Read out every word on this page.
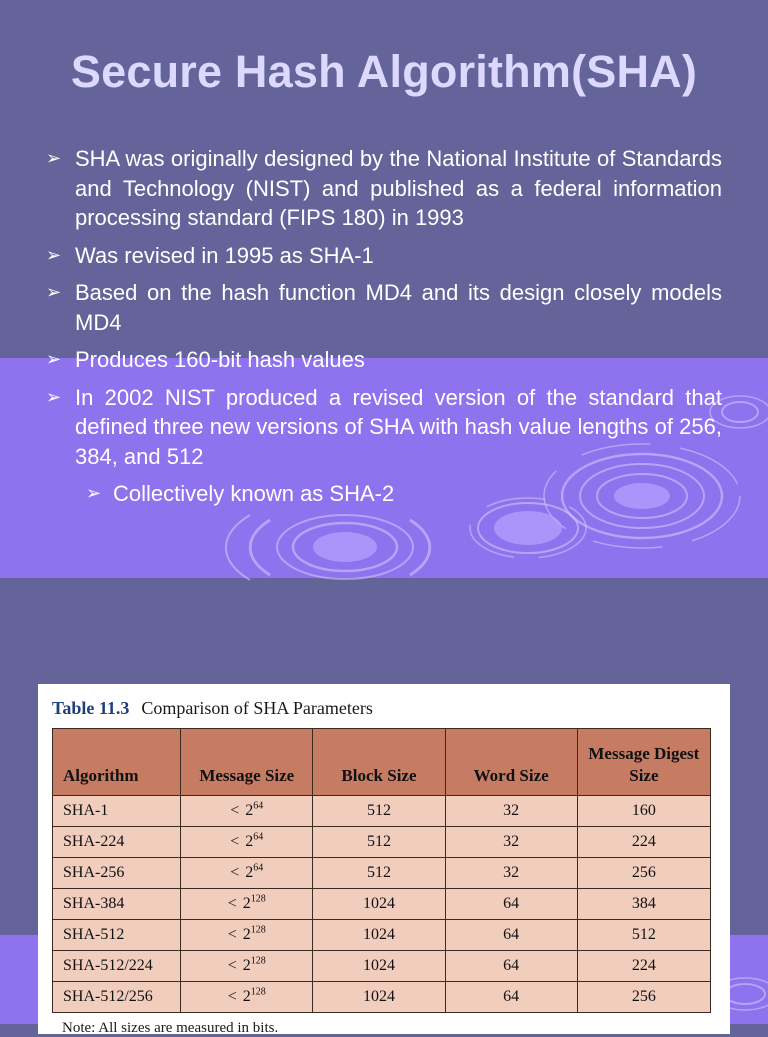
Secure Hash Algorithm(SHA)
➢ SHA was originally designed by the National Institute of Standards and Technology (NIST) and published as a federal information processing standard (FIPS 180) in 1993
➢ Was revised in 1995 as SHA-1
➢ Based on the hash function MD4 and its design closely models MD4
➢ Produces 160-bit hash values
➢ In 2002 NIST produced a revised version of the standard that defined three new versions of SHA with hash value lengths of 256, 384, and 512
➢ Collectively known as SHA-2
Table 11.3 Comparison of SHA Parameters
Algorithm	Message Size	Block Size	Word Size	Message Digest Size
SHA-1	< $2^{64}$	512	32	160
SHA-224	< $2^{64}$	512	32	224
SHA-256	< $2^{64}$	512	32	256
SHA-384	< $2^{128}$	1024	64	384
SHA-512	< $2^{128}$	1024	64	512
SHA-512/224	< $2^{128}$	1024	64	224
SHA-512/256	< $2^{128}$	1024	64	256
Note: All sizes are measured in bits.
